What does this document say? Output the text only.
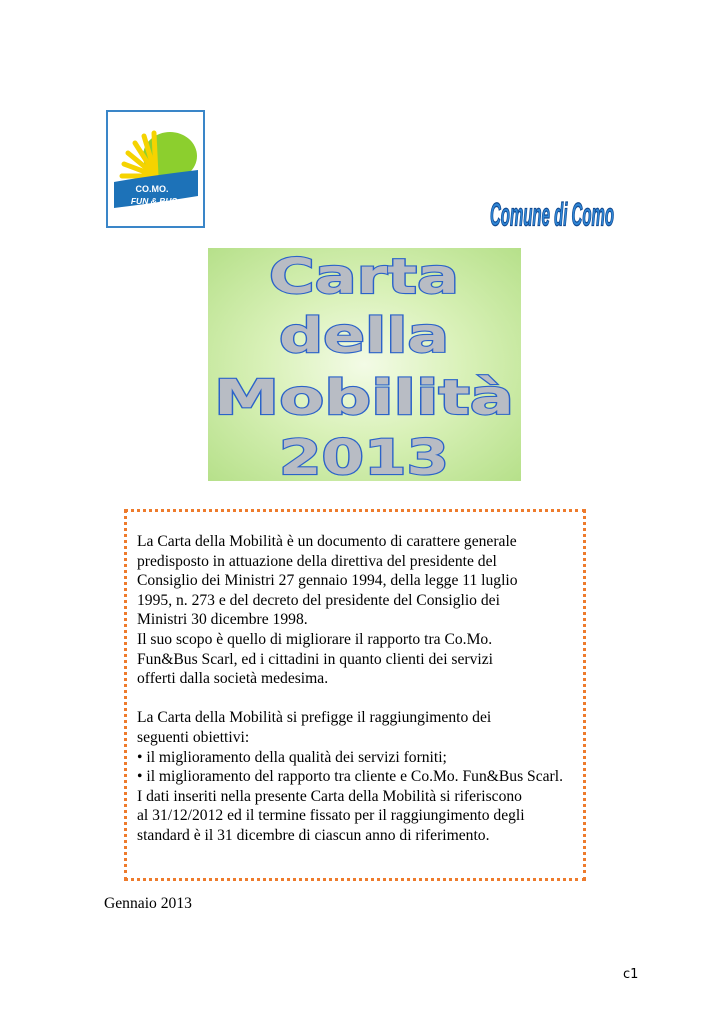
CO.MO.
FUN & BUS	Comune di Como
Carta
della
Mobilità
2013

La Carta della Mobilità è un documento di carattere generale
predisposto in attuazione della direttiva del presidente del
Consiglio dei Ministri 27 gennaio 1994, della legge 11 luglio
1995, n. 273 e del decreto del presidente del Consiglio dei
Ministri 30 dicembre 1998.

Il suo scopo è quello di migliorare il rapporto tra Co.Mo.
Fun&Bus Scarl, ed i cittadini in quanto clienti dei servizi
offerti dalla società medesima.

La Carta della Mobilità si prefigge il raggiungimento dei
seguenti obiettivi:

• il miglioramento della qualità dei servizi forniti;
• il miglioramento del rapporto tra cliente e Co.Mo. Fun&Bus Scarl.

I dati inseriti nella presente Carta della Mobilità si riferiscono
al 31/12/2012 ed il termine fissato per il raggiungimento degli
standard è il 31 dicembre di ciascun anno di riferimento.

Gennaio 2013
c1
